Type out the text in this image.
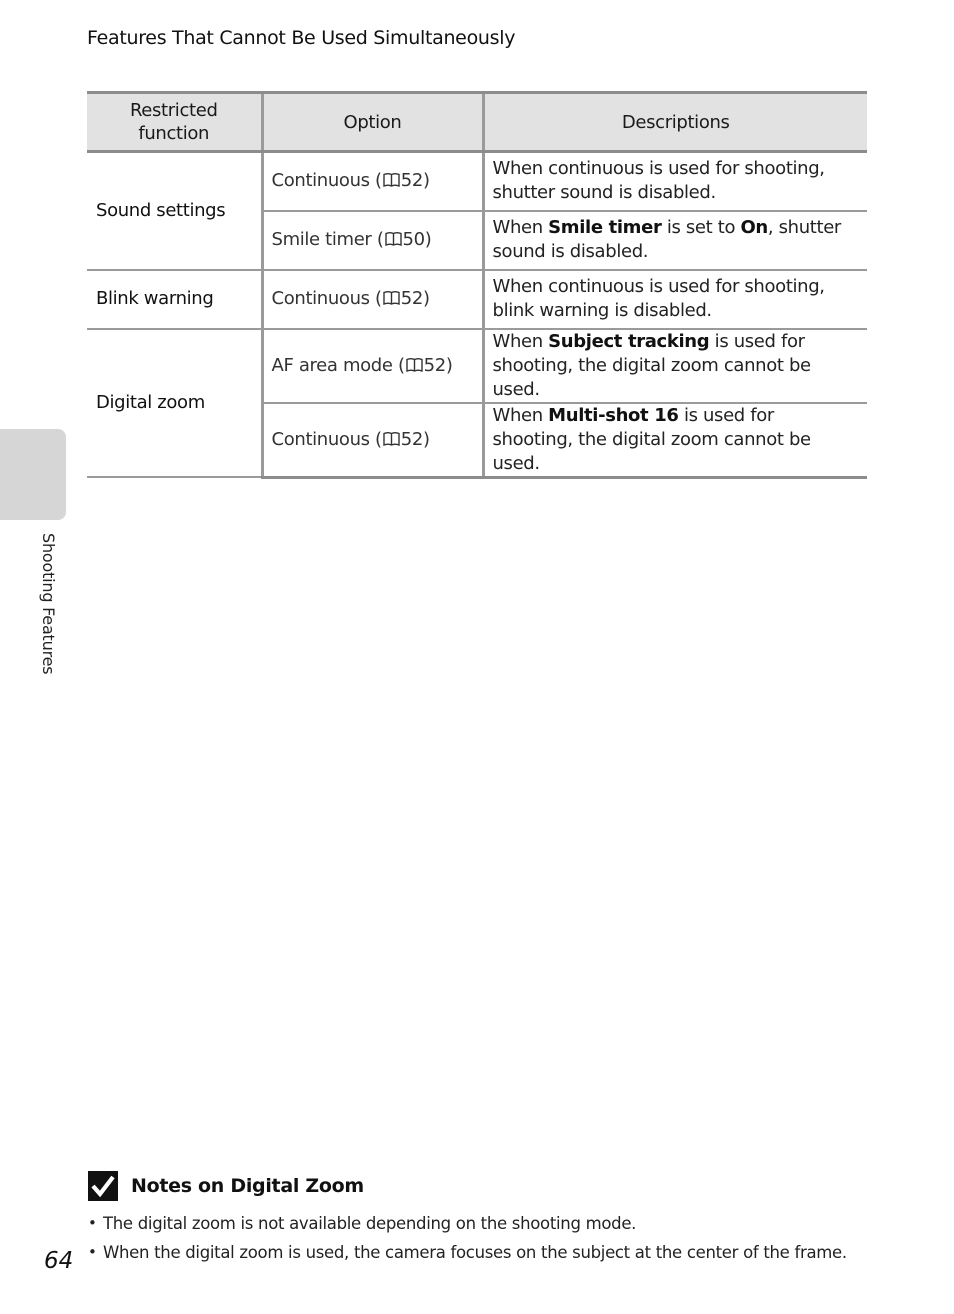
Features That Cannot Be Used Simultaneously
Restricted
function	Option	Descriptions
Sound settings	Continuous ( 52)	When continuous is used for shooting, shutter sound is disabled.
	Smile timer ( 50)	When Smile timer is set to On, shutter sound is disabled.
Blink warning	Continuous ( 52)	When continuous is used for shooting, blink warning is disabled.
Digital zoom	AF area mode ( 52)	When Subject tracking is used for shooting, the digital zoom cannot be used.
	Continuous ( 52)	When Multi-shot 16 is used for shooting, the digital zoom cannot be used.
Shooting Features
Notes on Digital Zoom
• The digital zoom is not available depending on the shooting mode.
• When the digital zoom is used, the camera focuses on the subject at the center of the frame.
64
